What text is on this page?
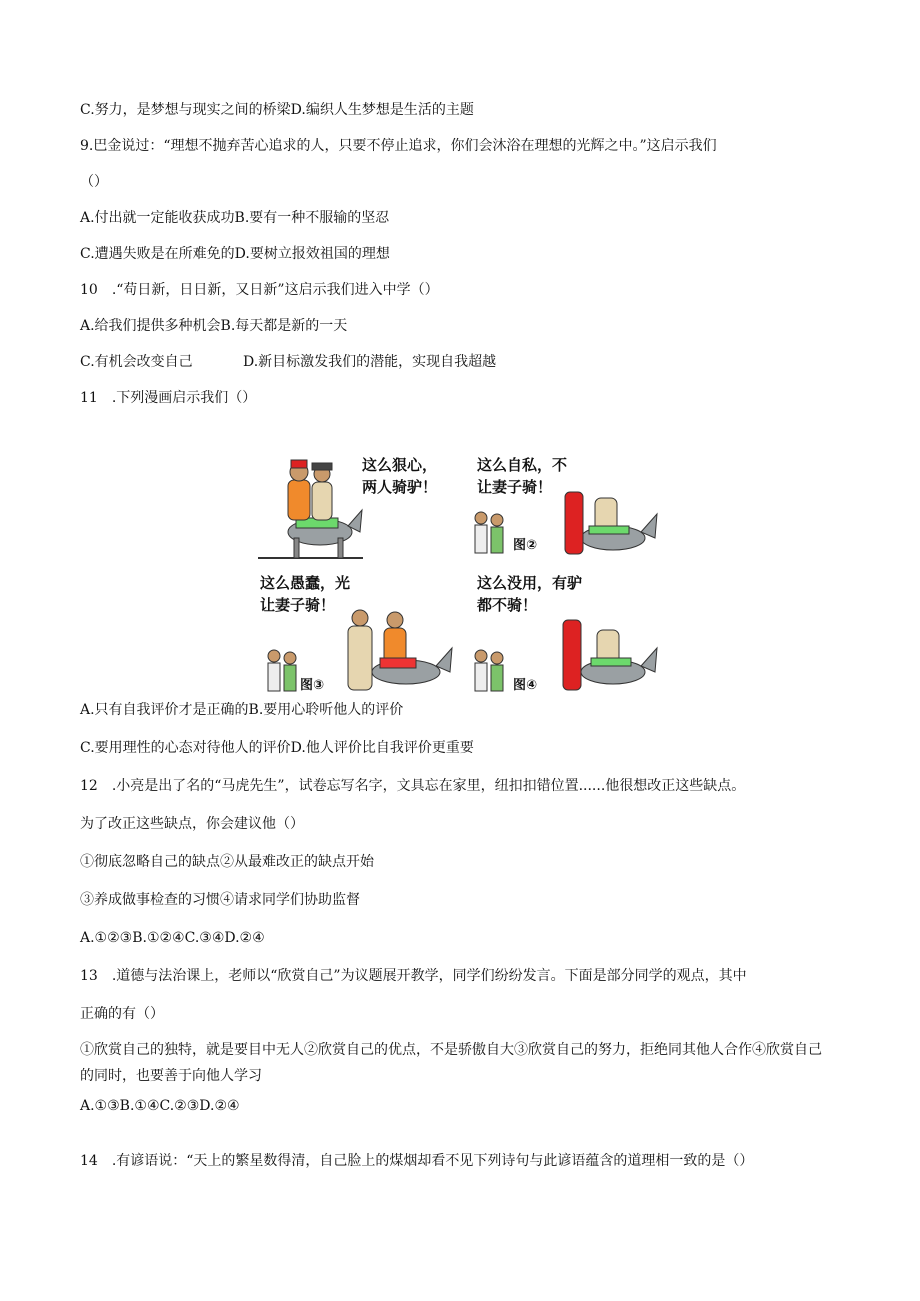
C.努力，是梦想与现实之间的桥梁D.编织人生梦想是生活的主题
9.巴金说过：“理想不抛弃苦心追求的人，只要不停止追求，你们会沐浴在理想的光辉之中。”这启示我们
（）
A.付出就一定能收获成功B.要有一种不服输的坚忍
C.遭遇失败是在所难免的D.要树立报效祖国的理想
10　.“苟日新，日日新，又日新”这启示我们进入中学（）
A.给我们提供多种机会B.每天都是新的一天
C.有机会改变自己	D.新目标激发我们的潜能，实现自我超越
11　.下列漫画启示我们（）
这么狠心，
两人骑驴！
这么自私，不
让妻子骑！
图②
这么愚蠢，光
让妻子骑！
图③
这么没用，有驴
都不骑！
图④
A.只有自我评价才是正确的B.要用心聆听他人的评价
C.要用理性的心态对待他人的评价D.他人评价比自我评价更重要
12　.小亮是出了名的“马虎先生”，试卷忘写名字，文具忘在家里，纽扣扣错位置......他很想改正这些缺点。
为了改正这些缺点，你会建议他（）
①彻底忽略自己的缺点②从最难改正的缺点开始
③养成做事检查的习惯④请求同学们协助监督
A.①②③B.①②④C.③④D.②④
13　.道德与法治课上，老师以“欣赏自己”为议题展开教学，同学们纷纷发言。下面是部分同学的观点，其中
正确的有（）
①欣赏自己的独特，就是要目中无人②欣赏自己的优点，不是骄傲自大③欣赏自己的努力，拒绝同其他人合作④欣赏自己的同时，也要善于向他人学习
A.①③B.①④C.②③D.②④
14　.有谚语说：“天上的繁星数得清，自己脸上的煤烟却看不见下列诗句与此谚语蕴含的道理相一致的是（）
